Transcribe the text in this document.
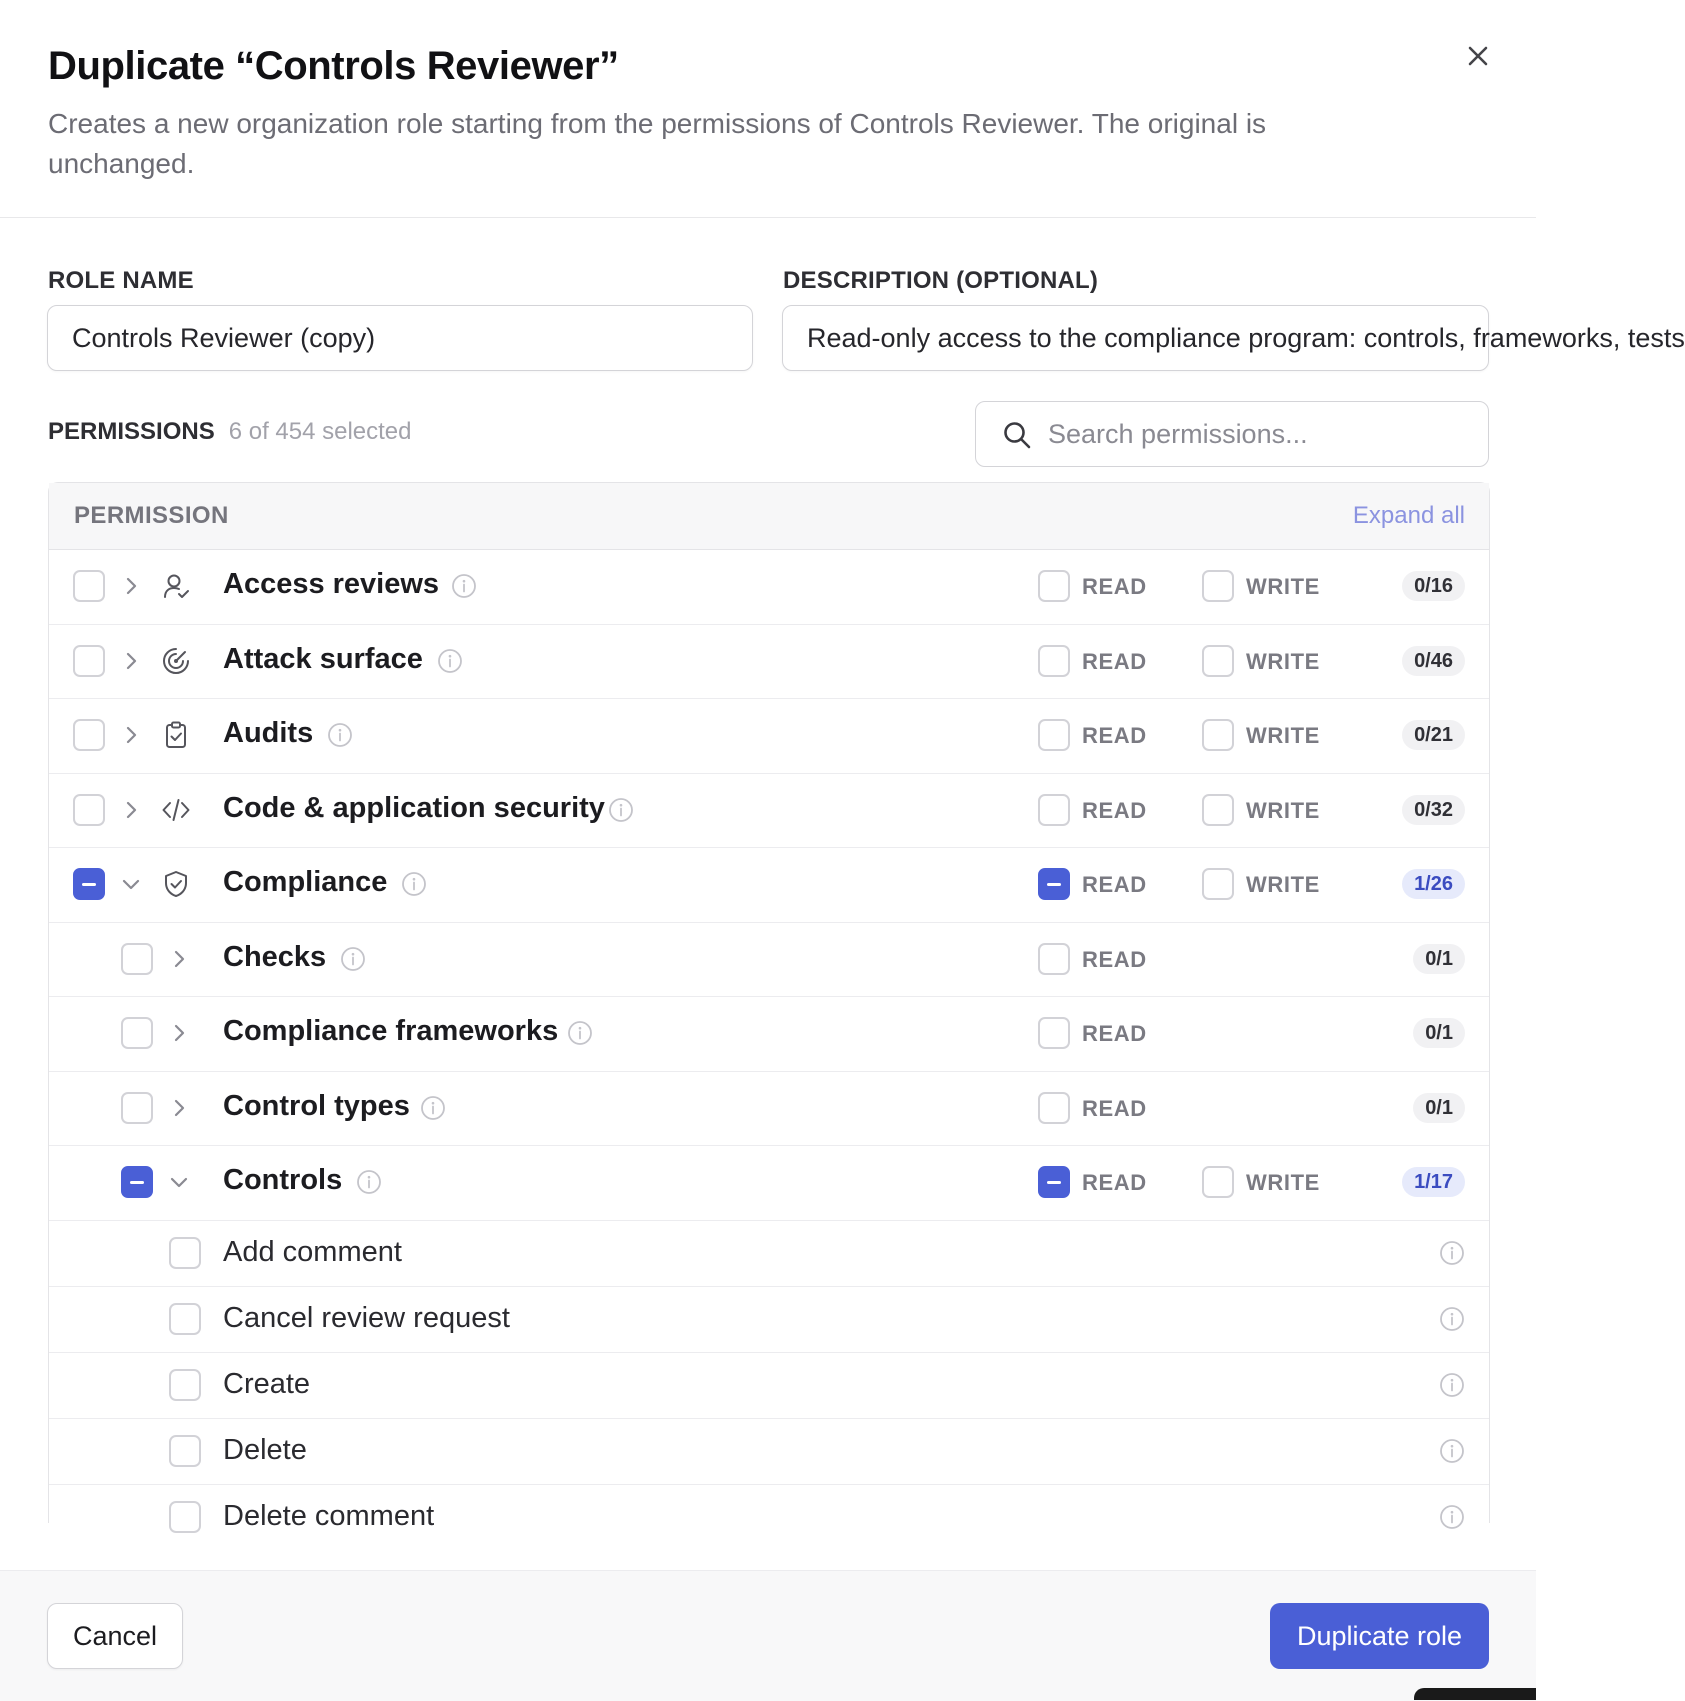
Duplicate “Controls Reviewer”
Creates a new organization role starting from the permissions of Controls Reviewer. The original is unchanged.
ROLE NAME
Controls Reviewer (copy)
DESCRIPTION (OPTIONAL)
Read-only access to the compliance program: controls, frameworks, tests
PERMISSIONS 6 of 454 selected	Search permissions...
PERMISSION	Expand all
Access reviews	READ	WRITE	0/16
Attack surface	READ	WRITE	0/46
Audits	READ	WRITE	0/21
Code & application security	READ	WRITE	0/32
Compliance	READ	WRITE	1/26
Checks	READ	0/1
Compliance frameworks	READ	0/1
Control types	READ	0/1
Controls	READ	WRITE	1/17
Add comment
Cancel review request
Create
Delete
Delete comment
Cancel	Duplicate role
